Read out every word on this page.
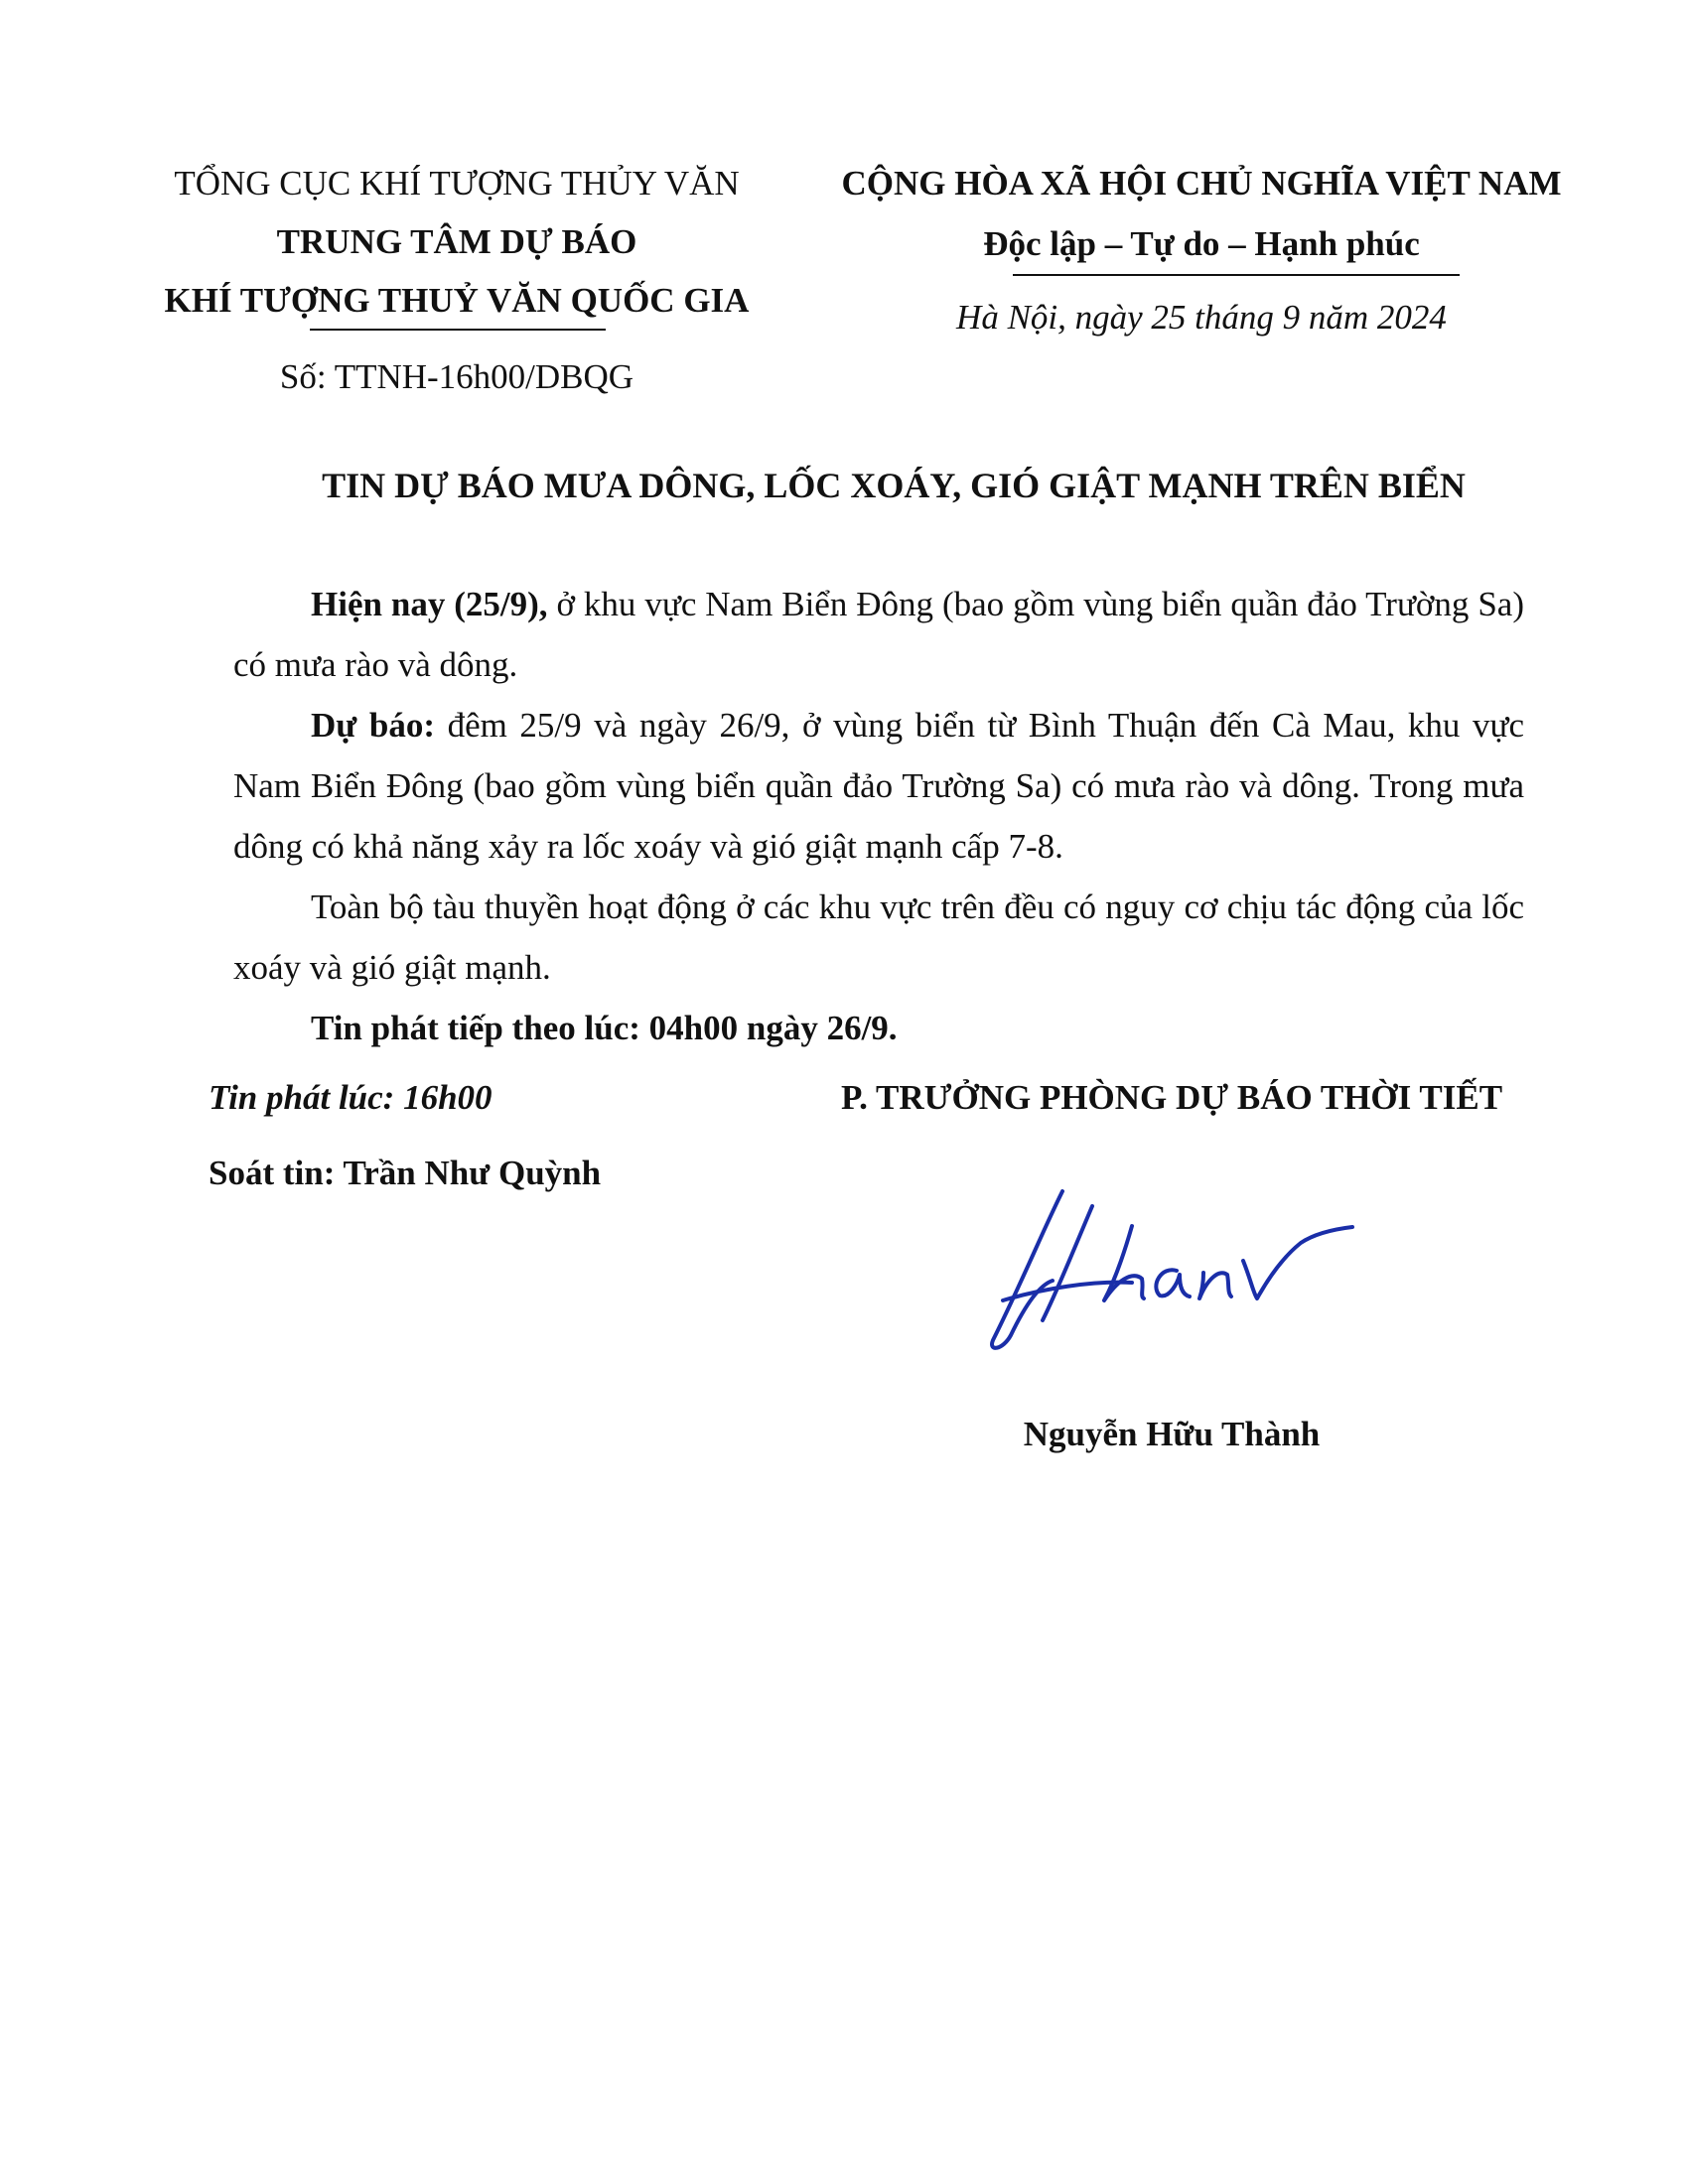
TỔNG CỤC KHÍ TƯỢNG THỦY VĂN
TRUNG TÂM DỰ BÁO
KHÍ TƯỢNG THUỶ VĂN QUỐC GIA
Số: TTNH-16h00/DBQG
CỘNG HÒA XÃ HỘI CHỦ NGHĨA VIỆT NAM
Độc lập – Tự do – Hạnh phúc
Hà Nội, ngày 25 tháng 9 năm 2024
TIN DỰ BÁO MƯA DÔNG, LỐC XOÁY, GIÓ GIẬT MẠNH TRÊN BIỂN
Hiện nay (25/9), ở khu vực Nam Biển Đông (bao gồm vùng biển quần đảo Trường Sa) có mưa rào và dông.
Dự báo: đêm 25/9 và ngày 26/9, ở vùng biển từ Bình Thuận đến Cà Mau, khu vực Nam Biển Đông (bao gồm vùng biển quần đảo Trường Sa) có mưa rào và dông. Trong mưa dông có khả năng xảy ra lốc xoáy và gió giật mạnh cấp 7-8.
Toàn bộ tàu thuyền hoạt động ở các khu vực trên đều có nguy cơ chịu tác động của lốc xoáy và gió giật mạnh.
Tin phát tiếp theo lúc: 04h00 ngày 26/9.
Tin phát lúc: 16h00
Soát tin: Trần Như Quỳnh
P. TRƯỞNG PHÒNG DỰ BÁO THỜI TIẾT
Nguyễn Hữu Thành
